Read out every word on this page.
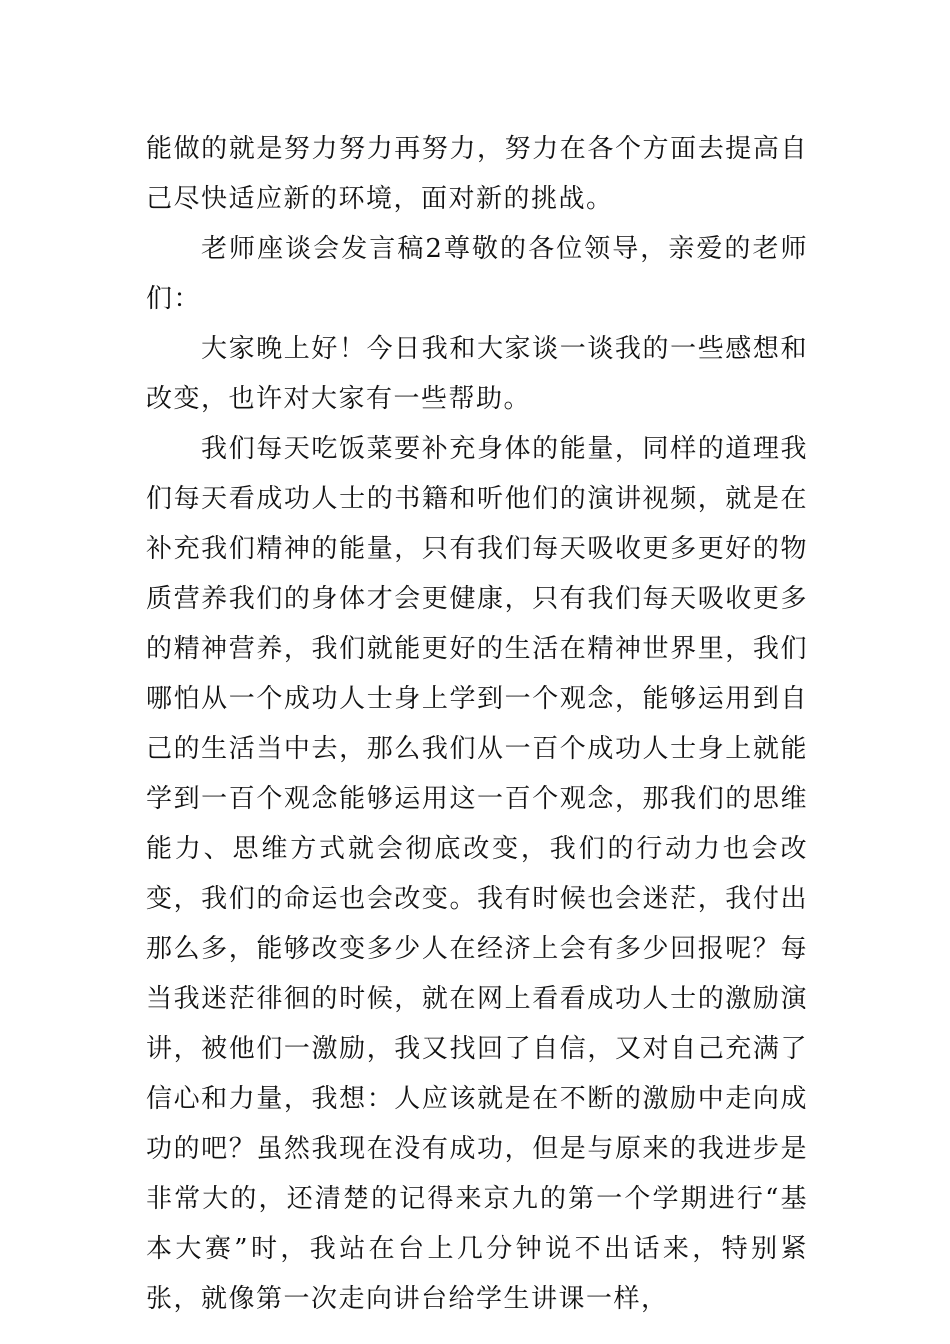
能做的就是努力努力再努力，努力在各个方面去提高自己尽快适应新的环境，面对新的挑战。

老师座谈会发言稿2尊敬的各位领导，亲爱的老师们：

大家晚上好！今日我和大家谈一谈我的一些感想和改变，也许对大家有一些帮助。

我们每天吃饭菜要补充身体的能量，同样的道理我们每天看成功人士的书籍和听他们的演讲视频，就是在补充我们精神的能量，只有我们每天吸收更多更好的物质营养我们的身体才会更健康，只有我们每天吸收更多的精神营养，我们就能更好的生活在精神世界里，我们哪怕从一个成功人士身上学到一个观念，能够运用到自己的生活当中去，那么我们从一百个成功人士身上就能学到一百个观念能够运用这一百个观念，那我们的思维能力、思维方式就会彻底改变，我们的行动力也会改变，我们的命运也会改变。我有时候也会迷茫，我付出那么多，能够改变多少人在经济上会有多少回报呢？每当我迷茫徘徊的时候，就在网上看看成功人士的激励演讲，被他们一激励，我又找回了自信，又对自己充满了信心和力量，我想：人应该就是在不断的激励中走向成功的吧？虽然我现在没有成功，但是与原来的我进步是非常大的，还清楚的记得来京九的第一个学期进行“基本大赛”时，我站在台上几分钟说不出话来，特别紧张，就像第一次走向讲台给学生讲课一样，
